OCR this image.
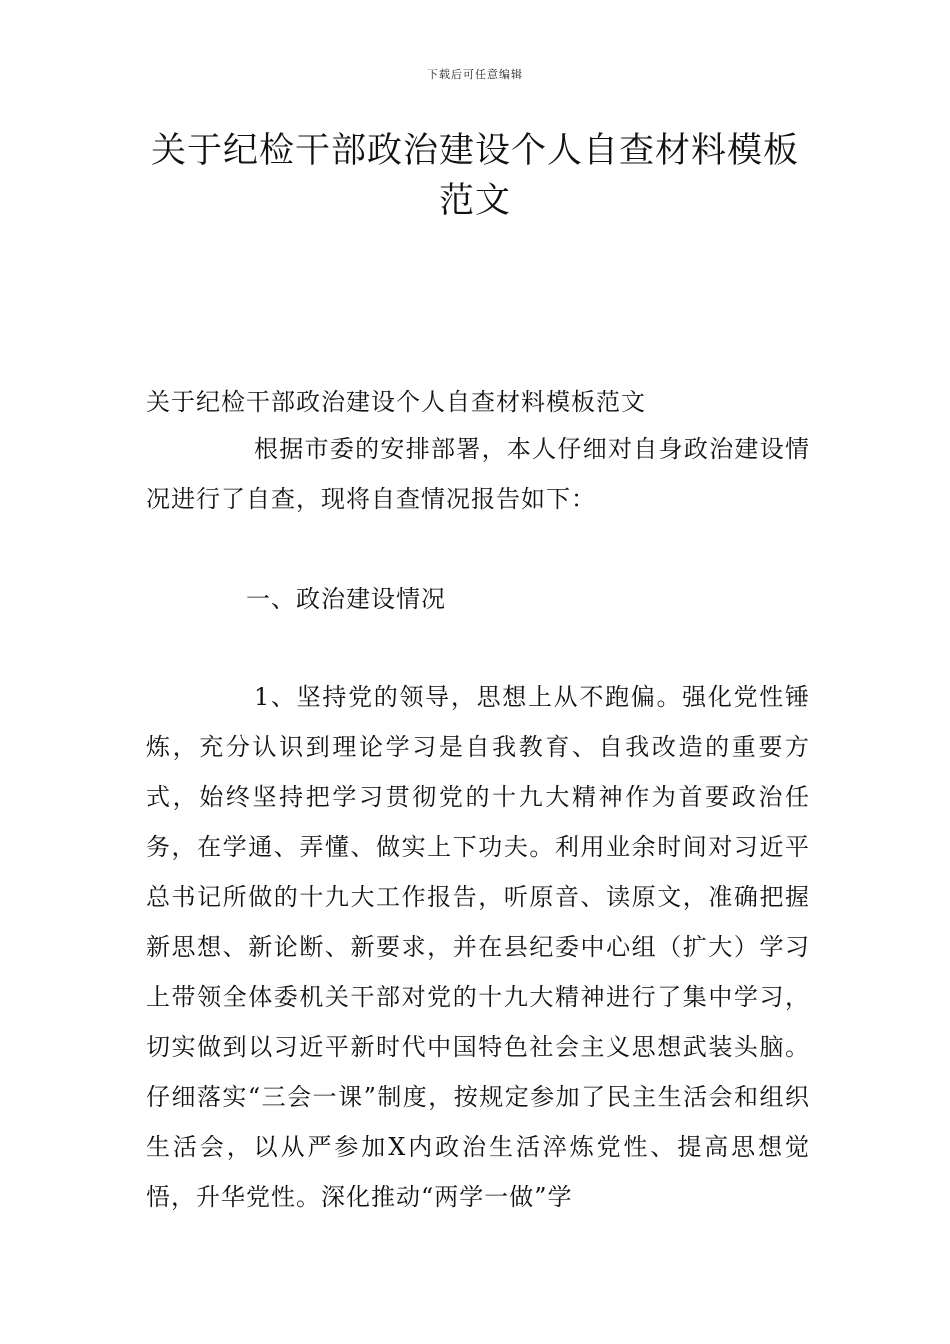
下载后可任意编辑
关于纪检干部政治建设个人自查材料模板范文
关于纪检干部政治建设个人自查材料模板范文
根据市委的安排部署，本人仔细对自身政治建设情况进行了自查，现将自查情况报告如下：
一、政治建设情况
1、坚持党的领导，思想上从不跑偏。强化党性锤炼，充分认识到理论学习是自我教育、自我改造的重要方式，始终坚持把学习贯彻党的十九大精神作为首要政治任务，在学通、弄懂、做实上下功夫。利用业余时间对习近平总书记所做的十九大工作报告，听原音、读原文，准确把握新思想、新论断、新要求，并在县纪委中心组（扩大）学习上带领全体委机关干部对党的十九大精神进行了集中学习，切实做到以习近平新时代中国特色社会主义思想武装头脑。仔细落实“三会一课”制度，按规定参加了民主生活会和组织生活会，以从严参加X内政治生活淬炼党性、提高思想觉悟，升华党性。深化推动“两学一做”学
